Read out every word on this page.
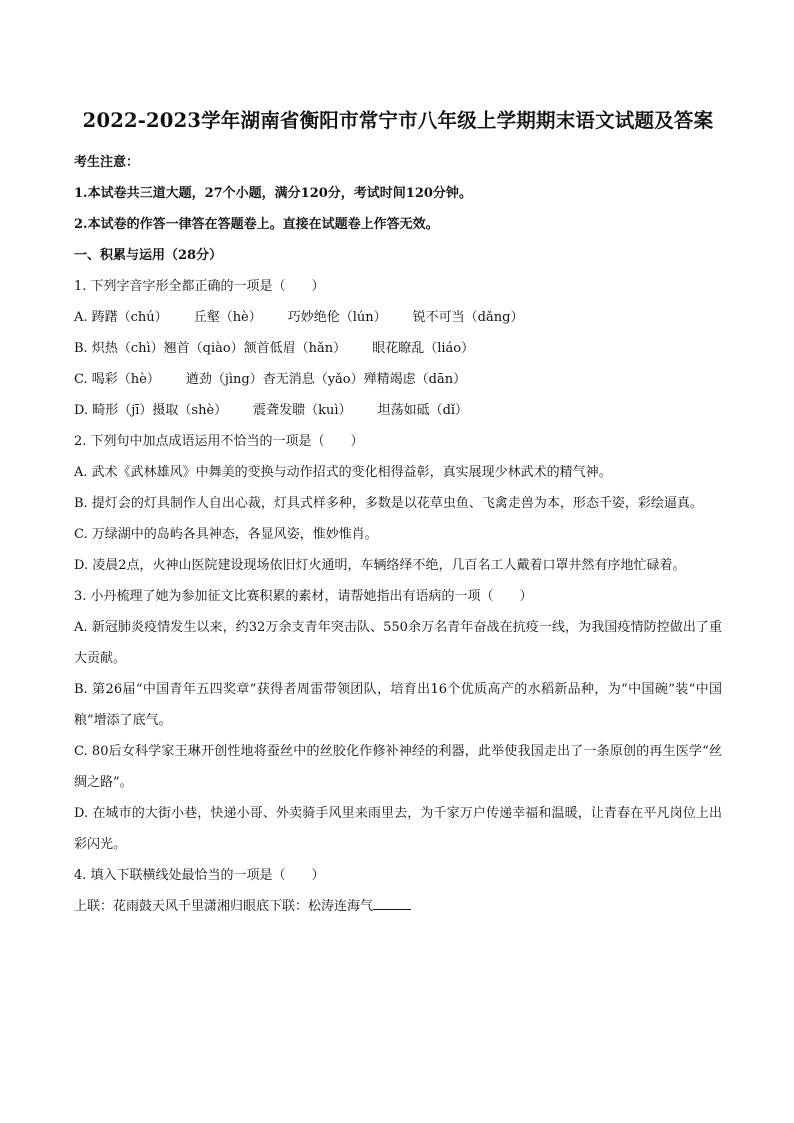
2022-2023学年湖南省衡阳市常宁市八年级上学期期末语文试题及答案
考生注意：
1.本试卷共三道大题，27个小题，满分120分，考试时间120分钟。
2.本试卷的作答一律答在答题卷上。直接在试题卷上作答无效。
一、积累与运用（28分）
1. 下列字音字形全都正确的一项是（　　）
A. 踌躇（chú） 丘壑（hè） 巧妙绝伦（lún） 锐不可当（dǎng）
B. 炽热（chì）翘首（qiào）颔首低眉（hǎn） 眼花瞭乱（liáo）
C. 喝彩（hè） 遒劲（jìng）杳无消息（yǎo）殚精竭虑（dān）
D. 畸形（jī）摄取（shè） 震聋发聩（kuì） 坦荡如砥（dǐ）
2. 下列句中加点成语运用不恰当的一项是（　　）

A. 武术《武林雄风》中舞美的变换与动作招式的变化相得益彰，真实展现少林武术的精气神。

B. 提灯会的灯具制作人自出心裁，灯具式样多种，多数是以花草虫鱼、飞禽走兽为本，形态千姿，彩绘逼真。

C. 万绿湖中的岛屿各具神态，各显风姿，惟妙惟肖。

D. 凌晨2点，火神山医院建设现场依旧灯火通明，车辆络绎不绝，几百名工人戴着口罩井然有序地忙碌着。

3. 小丹梳理了她为参加征文比赛积累的素材，请帮她指出有语病的一项（　　）

A. 新冠肺炎疫情发生以来，约32万余支青年突击队、550余万名青年奋战在抗疫一线，为我国疫情防控做出了重大贡献。

B. 第26届“中国青年五四奖章”获得者周雷带领团队，培育出16个优质高产的水稻新品种，为“中国碗”装“中国粮”增添了底气。

C. 80后女科学家王琳开创性地将蚕丝中的丝胶化作修补神经的利器，此举使我国走出了一条原创的再生医学“丝绸之路”。

D. 在城市的大街小巷，快递小哥、外卖骑手风里来雨里去，为千家万户传递幸福和温暖，让青春在平凡岗位上出彩闪光。

4. 填入下联横线处最恰当的一项是（　　）
上联：花雨鼓天风千里潇湘归眼底下联：松涛连海气
